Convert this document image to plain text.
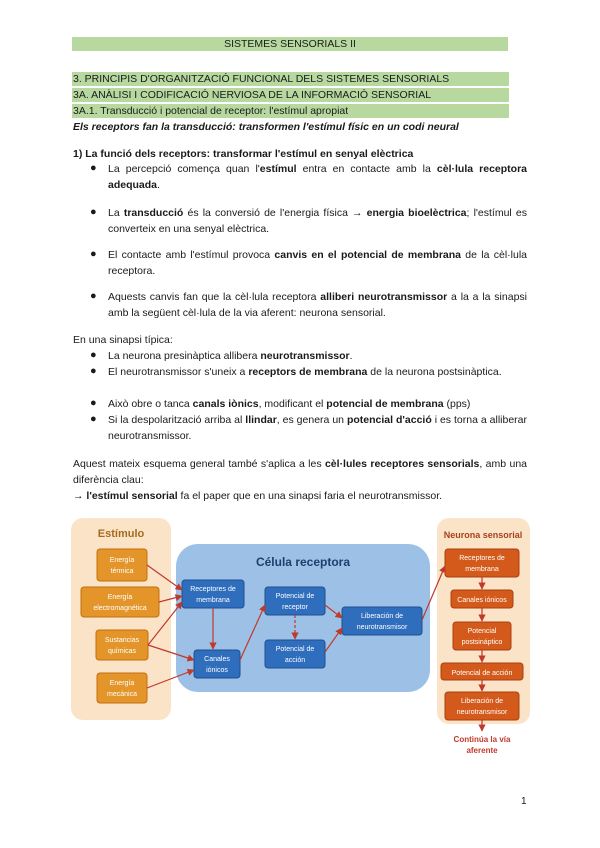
SISTEMES SENSORIALS II
3. PRINCIPIS D'ORGANITZACIÓ FUNCIONAL DELS SISTEMES SENSORIALS
3A. ANÀLISI I CODIFICACIÓ NERVIOSA DE LA INFORMACIÓ SENSORIAL
3A.1. Transducció i potencial de receptor: l'estímul apropiat
Els receptors fan la transducció: transformen l'estímul físic en un codi neural
1) La funció dels receptors: transformar l'estímul en senyal elèctrica
● La percepció comença quan l'estímul entra en contacte amb la cèl·lula receptora adequada.
● La transducció és la conversió de l'energia física → energia bioelèctrica; l'estímul es converteix en una senyal elèctrica.
● El contacte amb l'estímul provoca canvis en el potencial de membrana de la cèl·lula receptora.
● Aquests canvis fan que la cèl·lula receptora alliberi neurotransmissor a la a la sinapsi amb la següent cèl·lula de la via aferent: neurona sensorial.
En una sinapsi típica:
● La neurona presinàptica allibera neurotransmissor.
● El neurotransmissor s'uneix a receptors de membrana de la neurona postsinàptica.
● Això obre o tanca canals iònics, modificant el potencial de membrana (pps)
● Si la despolarització arriba al llindar, es genera un potencial d'acció i es torna a alliberar neurotransmissor.
Aquest mateix esquema general també s'aplica a les cèl·lules receptores sensorials, amb una diferència clau:
→ l'estímul sensorial fa el paper que en una sinapsi faria el neurotransmissor.
Estímulo
Energía
térmica
Energía
electromagnética
Sustancias
químicas
Energía
mecánica
Célula receptora
Receptores de
membrana
Canales
iónicos
Potencial de
receptor
Potencial de
acción
Liberación de
neurotransmisor
Neurona sensorial
Receptores de
membrana
Canales iónicos
Potencial
postsináptico
Potencial de acción
Liberación de
neurotransmisor
Continúa la vía
aferente
1
